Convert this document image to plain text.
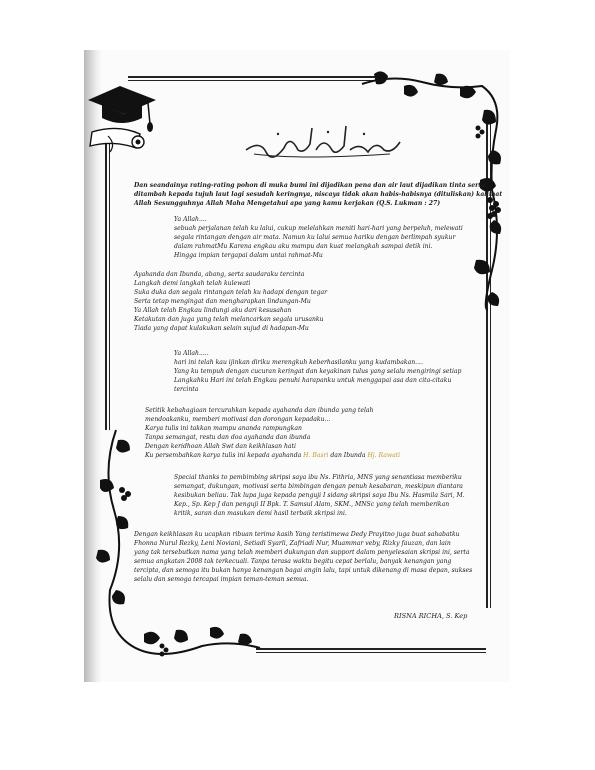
Dan seandainya rating-rating pohon di muka bumi ini dijadikan pena dan air laut dijadikan tinta serta
ditambah kepada tujuh laut lagi sesudah keringnya, niscaya tidak akan habis-habisnya (dituliskan) kalimat
Allah Sesungguhnya Allah Maha Mengetahui apa yang kamu kerjakan (Q.S. Lukman : 27)
Ya Allah....
sebuah perjalanan telah ku lalui, cukup melelahkan meniti hari-hari yang berpeluh, melewati
segala rintangan dengan air mata. Namun ku lalui semua hariku dengan berlimpah syukur
dalam rahmatMu Karena engkau aku mampu dan kuat melangkah sampai detik ini.
Hingga impian tergapai dalam untai rahmat-Mu
Ayahanda dan Ibunda, abang, serta saudaraku tercinta
Langkah demi langkah telah kulewati
Suka duka dan segala rintangan telah ku hadapi dengan tegar
Serta tetap mengingat dan mengharapkan lindungan-Mu
Ya Allah telah Engkau lindungi aku dari kesusahan
Ketakutan dan juga yang telah melancarkan segala urusanku
Tiada yang dapat kulakukan selain sujud di hadapan-Mu
Ya Allah.....
hari ini telah kau ijinkan diriku merengkuh keberhasilanku yang kudambakan....
Yang ku tempuh dengan cucuran keringat dan keyakinan tulus yang selalu mengiringi setiap
Langkahku Hari ini telah Engkau penuhi harapanku untuk menggapai asa dan cita-citaku
tercinta
Setitik kebahagiaan tercurahkan kepada ayahanda dan ibunda yang telah
mendoakanku, memberi motivasi dan dorongan kepadaku...
Karya tulis ini takkan mampu ananda rampungkan
Tanpa semangat, restu dan doa ayahanda dan ibunda
Dengan keridhoan Allah Swt dan keikhlasan hati
Ku persembahkan karya tulis ini kepada ayahanda H. Basri dan Ibunda Hj. Rawati
Special thanks to pembimbing skripsi saya ibu Ns. Fithria, MNS yang senantiasa memberiku
semangat, dukungan, motivasi serta bimbingan dengan penuh kesabaran, meskipun diantara
kesibukan beliau. Tak lupa juga kepada penguji I sidang skripsi saya Ibu Ns. Hasmila Sari, M.
Kep., Sp. Kep J dan penguji II Bpk. T. Samsul Alam, SKM., MNSc yang telah memberikan
kritik, saran dan masukan demi hasil terbaik skripsi ini.
Dengan keikhlasan ku ucapkan ribuan terima kasih Yang teristimewa Dedy Prayitno juga buat sahabatku
Fhonna Nurul Rezky, Leni Noviani, Setiadi Syarli, Zafriadi Nur, Muammar veby, Rizky fauzan, dan lain
yang tak tersebutkan nama yang telah memberi dukungan dan support dalam penyelesaian skripsi ini, serta
semua angkatan 2008 tak terkecuali. Tanpa terasa waktu begitu cepat berlalu, banyak kenangan yang
tercipta, dan semoga itu bukan hanya kenangan bagai angin lalu, tapi untuk dikenang di masa depan, sukses
selalu dan semoga tercapai impian teman-teman semua.
RISNA RICHA, S. Kep
